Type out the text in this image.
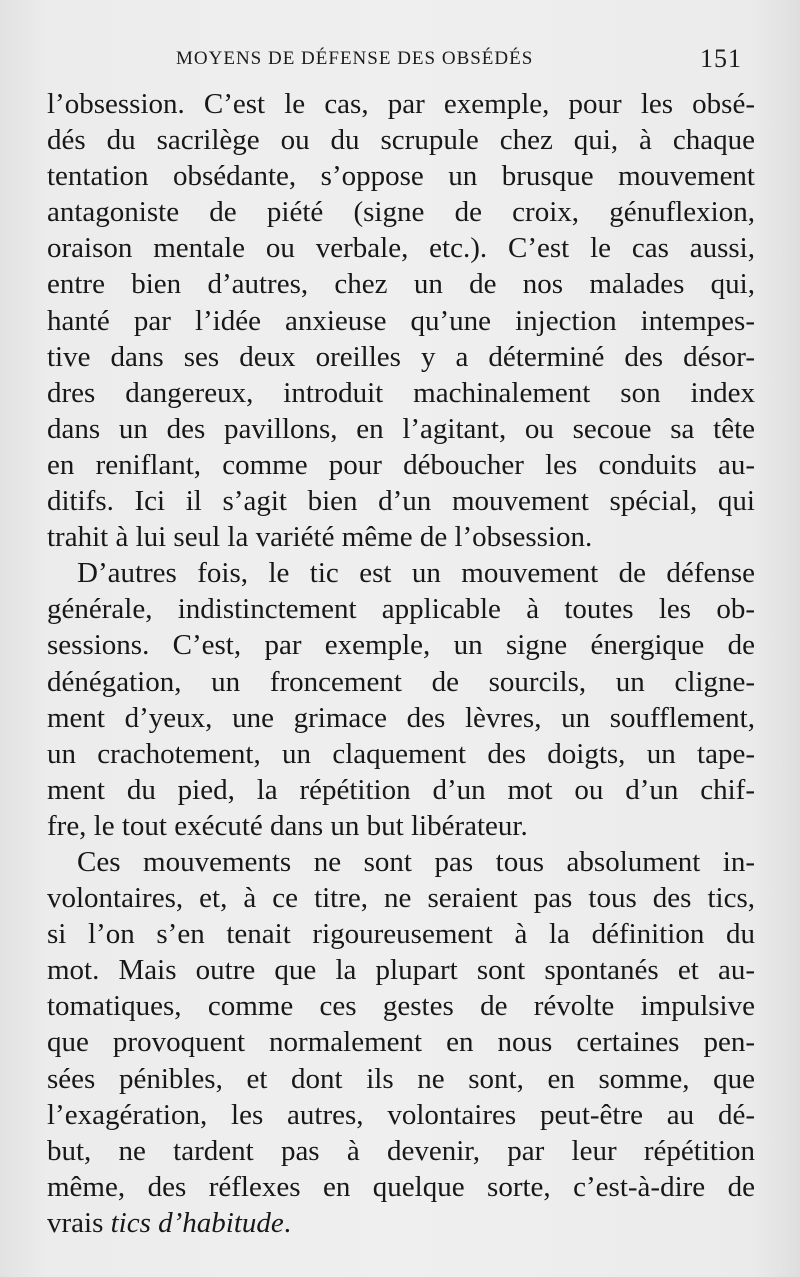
MOYENS DE DÉFENSE DES OBSÉDÉS	151
l’obsession. C’est le cas, par exemple, pour les obsé-
dés du sacrilège ou du scrupule chez qui, à chaque
tentation obsédante, s’oppose un brusque mouvement
antagoniste de piété (signe de croix, génuflexion,
oraison mentale ou verbale, etc.). C’est le cas aussi,
entre bien d’autres, chez un de nos malades qui,
hanté par l’idée anxieuse qu’une injection intempes-
tive dans ses deux oreilles y a déterminé des désor-
dres dangereux, introduit machinalement son index
dans un des pavillons, en l’agitant, ou secoue sa tête
en reniflant, comme pour déboucher les conduits au-
ditifs. Ici il s’agit bien d’un mouvement spécial, qui
trahit à lui seul la variété même de l’obsession.
D’autres fois, le tic est un mouvement de défense
générale, indistinctement applicable à toutes les ob-
sessions. C’est, par exemple, un signe énergique de
dénégation, un froncement de sourcils, un cligne-
ment d’yeux, une grimace des lèvres, un soufflement,
un crachotement, un claquement des doigts, un tape-
ment du pied, la répétition d’un mot ou d’un chif-
fre, le tout exécuté dans un but libérateur.
Ces mouvements ne sont pas tous absolument in-
volontaires, et, à ce titre, ne seraient pas tous des tics,
si l’on s’en tenait rigoureusement à la définition du
mot. Mais outre que la plupart sont spontanés et au-
tomatiques, comme ces gestes de révolte impulsive
que provoquent normalement en nous certaines pen-
sées pénibles, et dont ils ne sont, en somme, que
l’exagération, les autres, volontaires peut-être au dé-
but, ne tardent pas à devenir, par leur répétition
même, des réflexes en quelque sorte, c’est-à-dire de
vrais tics d’habitude.
